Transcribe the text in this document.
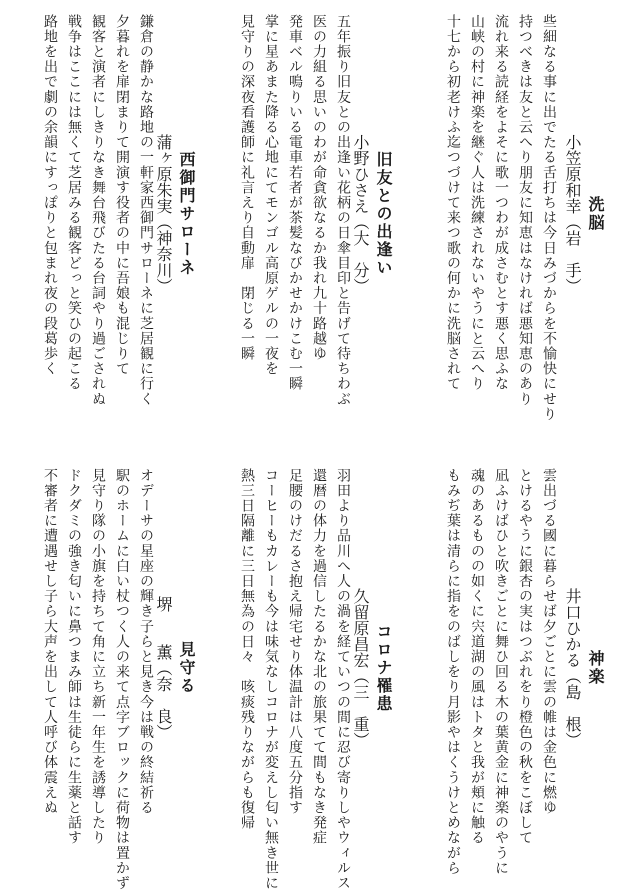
洗脳
小笠原和幸（岩　手）
些細なる事に出でたる舌打ちは今日みづからを不愉快にせり
持つべきは友と云へり朋友に知恵はなければ悪知恵のあり
流れ来る読経をよそに歌一つわが成さむとす悪く思ふな
山峡の村に神楽を継ぐ人は洗練されないやうにと云へり
十七から初老けふ迄つづけて来つ歌の何かに洗脳されて
旧友との出逢い
小野ひさえ（大　分）
五年振り旧友との出逢い花柄の日傘目印と告げて待ちわぶ
医の力組る思いのわが命貪欲なるか我れ九十路越ゆ
発車ベル鳴りいる電車若者が茶髪なびかせかけこむ一瞬
掌に星あまた降る心地にてモンゴル高原ゲルの一夜を
見守りの深夜看護師に礼言えり自動扉　閉じる一瞬
西御門サローネ
蒲ヶ原朱実（神奈川）
鎌倉の静かな路地の一軒家西御門サローネに芝居観に行く
夕暮れを扉閉まりて開演す役者の中に吾娘も混じりて
観客と演者にしきりなき舞台飛びたる台詞やり過ごされぬ
戦争はここには無くて芝居みる観客どっと笑ひの起こる
路地を出で劇の余韻にすっぽりと包まれ夜の段葛歩く
神楽
井口ひかる（島　根）
雲出づる國に暮らせば夕ごとに雲の帷は金色に燃ゆ
とけるやうに銀杏の実はつぶれをり橙色の秋をこぼして
凪ふけばひと吹きごとに舞ひ回る木の葉黄金に神楽のやうに
魂のあるものの如くに宍道湖の風はトタと我が頬に触る
もみぢ葉は清らに指をのばしをり月影やはくうけとめながら
コロナ罹患
久留原昌宏（三　重）
羽田より品川へ人の渦を経ていつの間に忍び寄りしやウィルス
還暦の体力を過信したるかな北の旅果てて間もなき発症
足腰のけだるさ抱え帰宅せり体温計は八度五分指す
コーヒーもカレーも今は味気なしコロナが変えし匂い無き世に
熱三日隔離に三日無為の日々　咳痰残りながらも復帰
見守る
堺　　薫（奈　良）
オデーサの星座の輝き子らと見き今は戦の終結祈る
駅のホームに白い杖つく人の来て点字ブロックに荷物は置かず
見守り隊の小旗を持ちて角に立ち新一年生を誘導したり
ドクダミの強き匂いに鼻つまみ師は生徒らに生薬と話す
不審者に遭遇せし子ら大声を出して人呼び体震えぬ
